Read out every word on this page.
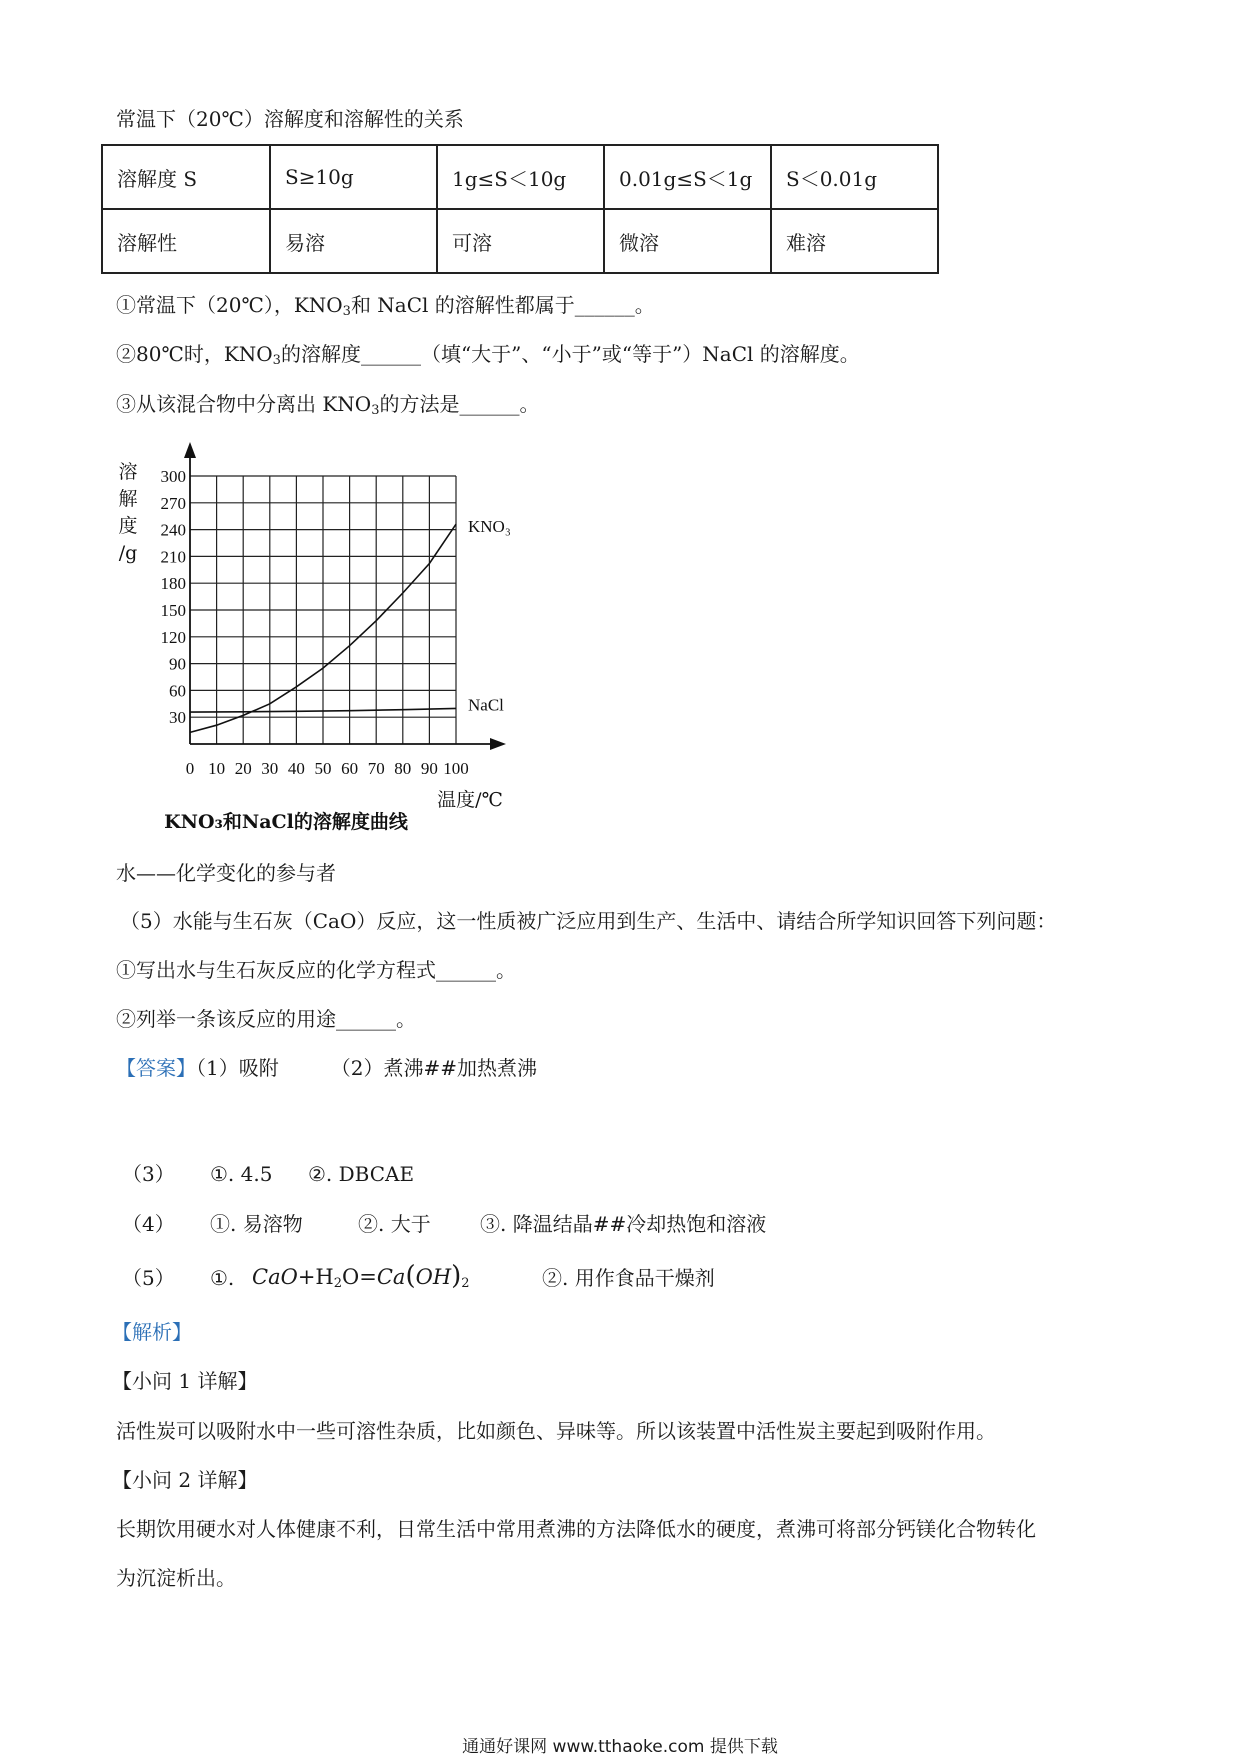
常温下（20℃）溶解度和溶解性的关系
溶解度 S	S≥10g	1g≤S＜10g	0.01g≤S＜1g	S＜0.01g
溶解性	易溶	可溶	微溶	难溶
①常温下（20℃），$KNO_3$和 NaCl 的溶解性都属于______。
②80℃时，$KNO_3$的溶解度______（填“大于”、“小于”或“等于”）NaCl 的溶解度。
③从该混合物中分离出 $KNO_3$的方法是______。
30
60
90
120
150
180
210
240
270
300
0 10 20 30 40 50 60 70 80 90 100
溶
解
度
/g
温度/℃
KNO₃
NaCl
KNO₃和NaCl的溶解度曲线
水——化学变化的参与者
（5）水能与生石灰（CaO）反应，这一性质被广泛应用到生产、生活中、请结合所学知识回答下列问题：
①写出水与生石灰反应的化学方程式______。
②列举一条该反应的用途______。
【答案】（1）吸附	（2）煮沸##加热煮沸
（3） ①. 4.5 ②. DBCAE
（4） ①. 易溶物	②. 大于 ③. 降温结晶##冷却热饱和溶液
（5） ①. $CaO+H_2O=Ca(OH)_2$	②. 用作食品干燥剂
【解析】
【小问 1 详解】
活性炭可以吸附水中一些可溶性杂质，比如颜色、异味等。所以该装置中活性炭主要起到吸附作用。
【小问 2 详解】
长期饮用硬水对人体健康不利，日常生活中常用煮沸的方法降低水的硬度，煮沸可将部分钙镁化合物转化
为沉淀析出。
通通好课网 www.tthaoke.com 提供下载
